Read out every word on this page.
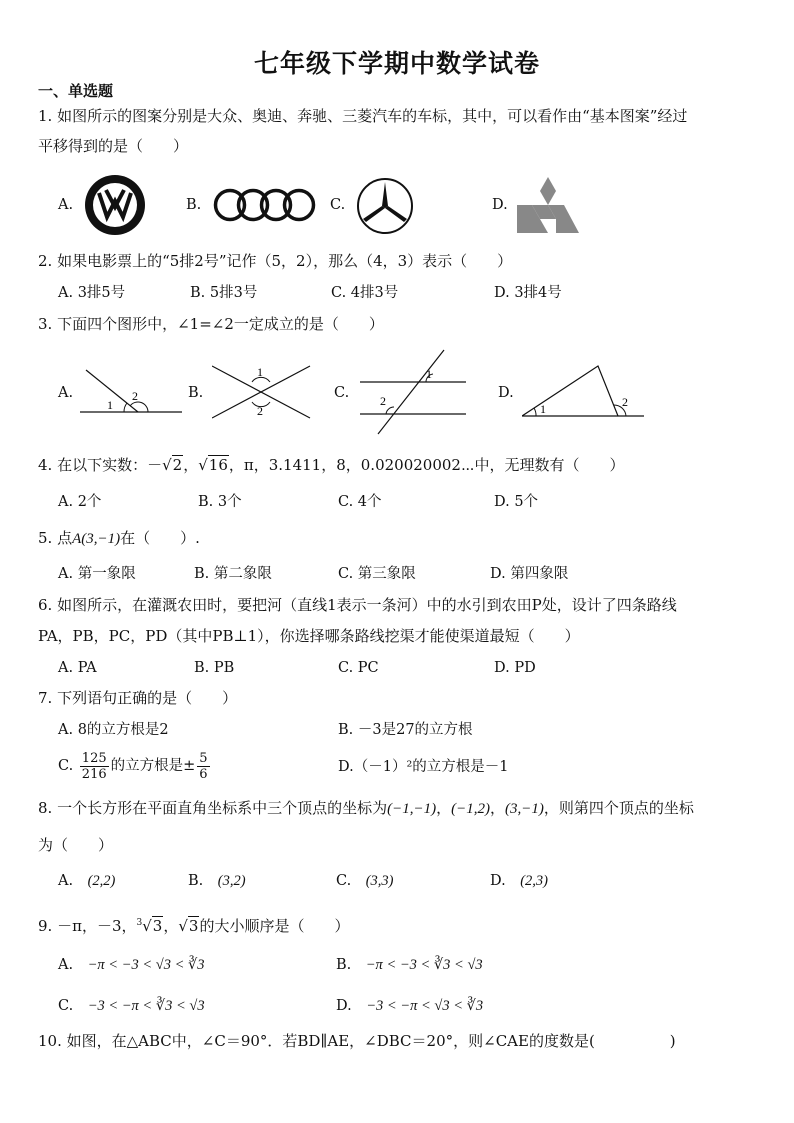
七年级下学期中数学试卷
一、单选题
1. 如图所示的图案分别是大众、奥迪、奔驰、三菱汽车的车标，其中，可以看作由“基本图案”经过
平移得到的是（　　）
A.	B.	C.	D.
2. 如果电影票上的“5排2号”记作（5，2），那么（4，3）表示（　　）
A. 3排5号	B. 5排3号	C. 4排3号	D. 3排4号
3. 下面四个图形中，∠1=∠2一定成立的是（　　）
A.	B.	C.	D.
1
2
1
2
1
2
1	2
4. 在以下实数：－√2，√16，π，3.1411，8，0.020020002⋯中，无理数有（　　）
A. 2个	B. 3个	C. 4个	D. 5个
5. 点A(3,−1)在（　　）.
A. 第一象限	B. 第二象限	C. 第三象限	D. 第四象限
6. 如图所示，在灌溉农田时，要把河（直线1表示一条河）中的水引到农田P处，设计了四条路线
PA，PB，PC，PD（其中PB⊥1），你选择哪条路线挖渠才能使渠道最短（　　）
A. PA	B. PB	C. PC	D. PD
7. 下列语句正确的是（　　）
A. 8的立方根是2	B. －3是27的立方根
C. $\frac{125}{216}$ 的立方根是± $\frac{5}{6}$	D.（－1）²的立方根是－1
8. 一个长方形在平面直角坐标系中三个顶点的坐标为(−1,−1)，(−1,2)，(3,−1)，则第四个顶点的坐标
为（　　）
A.　 (2,2)	B.　 (3,2)	C.　 (3,3)	D.　 (2,3)
9. －π，－3，$^3$√3，√3的大小顺序是（　　）
A.　 −π < −3 < √3 < ∛3	B.　 −π < −3 < ∛3 < √3
C.　 −3 < −π < ∛3 < √3	D.　 −3 < −π < √3 < ∛3
10. 如图，在△ABC中，∠C＝90°．若BD∥AE，∠DBC＝20°，则∠CAE的度数是(　　　　　)
